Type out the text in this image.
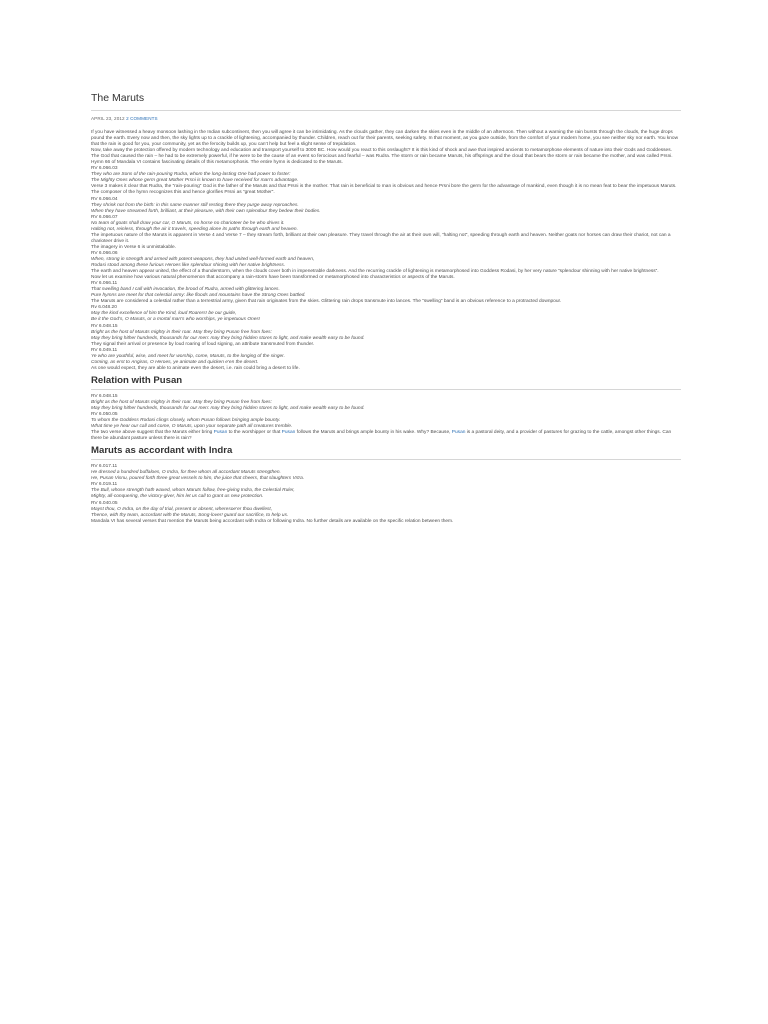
The Maruts
APRIL 23, 2012 2 COMMENTS

If you have witnessed a heavy monsoon lashing in the Indian subcontinent, then you will agree it can be intimidating. As the clouds gather, they can darken the skies even in the middle of an afternoon. Then without a warning the rain bursts through the clouds, the huge drops pound the earth. Every now and then, the sky lights up to a crackle of lightening, accompanied by thunder. Children, reach out for their parents, seeking safety. In that moment, as you gaze outside, from the comfort of your modern home, you see neither sky nor earth. You know that the rain is good for you, your community, yet as the ferocity builds up, you can’t help but feel a slight sense of trepidation.

Now, take away the protection offered by modern technology and education and transport yourself to 3000 BC. How would you react to this onslaught? It is this kind of shock and awe that inspired ancients to metamorphose elements of nature into their Gods and Goddesses.

The God that caused the rain – he had to be extremely powerful, if he were to be the cause of an event so ferocious and fearful – was Rudra. The storm or rain became Maruts, his offsprings and the cloud that bears the storm or rain became the mother, and was called Prsni.

Hymn 66 of Mandala VI contains fascinating details of this metamorphosis. The entire hymn is dedicated to the Maruts.

RV 6.066.03

They who are Sons of the rain-pouring Rudra, whom the long-lasting One had power to foster:

The Mighty Ones whose germ great Mother Prsni is known to have received for man’s advantage.

Verse 3 makes it clear that Rudra, the “rain-pouring” God is the father of the Maruts and that Prsni is the mother. That rain is beneficial to man is obvious and hence Prsni bore the germ for the advantage of mankind, even though it is no mean feat to bear the impetuous Maruts. The composer of the hymn recognizes this and hence glorifies Prsni as “great Mother”.

RV 6.066.04

They shrink not from the birth: in this same manner still resting there they purge away reproaches.

When they have streamed forth, brilliant, at their pleasure, with their own splendour they bedew their bodies.

RV 6.066.07

No team of goats shall draw your car, O Maruts, no horse no charioteer be he who drives it.

Halting not, reinless, through the air it travels, speeding alone its paths through earth and heaven.

The impetuous nature of the Maruts is apparent in Verse 4 and Verse 7 – they stream forth, brilliant at their own pleasure. They travel through the air at their own will, “halting not”, speeding through earth and heaven. Neither goats nor horses can draw their chariot, not can a charioteer drive it.

The imagery in Verse 6 is unmistakable.

RV 6.066.06

When, strong in strength and armed with potent weapons, they had united well-formed earth and heaven,

Rodasi stood among these furious Heroes like splendour shining with her native brightness.

The earth and heaven appear united, the effect of a thunderstorm, when the clouds cover both in impenetrable darkness. And the recurring crackle of lightening is metamorphosed into Goddess Rodasi, by her very nature “splendour shinning with her native brightness”.

Now let us examine how various natural phenomenon that accompany a rain-storm have been transformed or metamorphosed into characteristics or aspects of the Maruts.

RV 6.066.11

That swelling band I call with invocation, the brood of Rudra, armed with glittering lances.

Pure hymns are meet for that celestial army: like floods and mountains have the Strong Ones battled.

The Maruts are considered a celestial rather than a terrestrial army, given that rain originates from the skies. Glittering rain drops transmute into lances. The “swelling” band is an obvious reference to a protracted downpour.

Rv 6.048.20

May the kind excellence of him the Kind, loud Roarers! be our guide,

Be it the God’s, O Maruts, or a mortal man’s who worships, ye impetuous Ones!

RV 6.048.15

Bright as the host of Maruts mighty in their roar. May they bring Pusan free from foes:

May they bring hither hundreds, thousands for our men: may they bring hidden stores to light, and make wealth easy to be found.

They signal their arrival or presence by loud roaring of loud signing, an attribute transmuted from thunder.

RV 6.049.11

Ye who are youthful, wise, and meet for worship, come, Maruts, to the longing of the singer.

Coming, as erst to Angiras, O Heroes, ye animate and quicken e’en the desert.

As one would expect, they are able to animate even the desert, i.e. rain could bring a desert to life.

Relation with Pusan

RV 6.048.15

Bright as the host of Maruts mighty in their roar. May they bring Pusan free from foes:

May they bring hither hundreds, thousands for our men: may they bring hidden stores to light, and make wealth easy to be found.

RV 6.050.05

To whom the Goddess Rodasi clings closely, whom Pusan follows bringing ample bounty.

What time ye hear our call and come, O Maruts, upon your separate path all creatures tremble.

The two verse above suggest that the Maruts either bring Pusan to the worshipper or that Pusan follows the Maruts and brings ample bounty in his wake. Why? Because, Pusan is a pastoral deity, and a provider of pastures for grazing to the cattle, amongst other things. Can there be abundant pasture unless there is rain?

Maruts as accordant with Indra

RV 6.017.11

He dressed a hundred buffaloes, O Indra, for thee whom all accordant Maruts strengthen.

He, Pusan Visnu, poured forth three great vessels to him, the juice that cheers, that slaughters Vrtra.

RV 6.019.11

The Bull, whose strength hath waxed, whom Maruts follow, free-giving Indra, the Celestial Ruler,

Mighty, all-conquering, the victory-giver, him let us call to grant us new protection.

RV 6.040.05

Mayst thou, O Indra, on the day of trial, present or absent, wheresoe’er thou dwellest,

Thence, with thy team, accordant with the Maruts, Song-lover! guard our sacrifice, to help us.

Mandala VI has several verses that mention the Maruts being accordant with Indra or following Indra. No further details are available on the specific relation between them.
